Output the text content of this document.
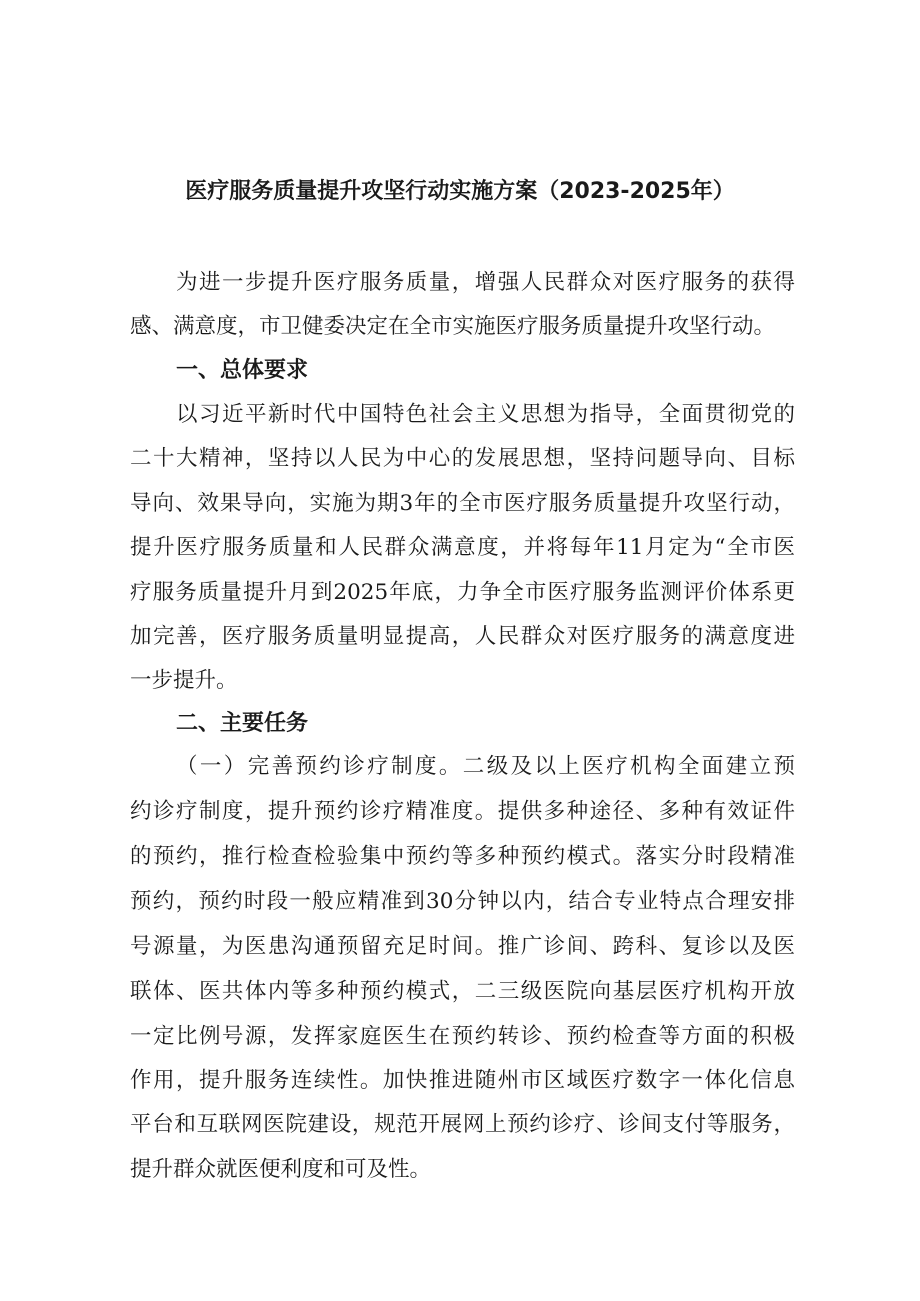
医疗服务质量提升攻坚行动实施方案（2023-2025年）

为进一步提升医疗服务质量，增强人民群众对医疗服务的获得

感、满意度，市卫健委决定在全市实施医疗服务质量提升攻坚行动。

一、总体要求

以习近平新时代中国特色社会主义思想为指导，全面贯彻党的

二十大精神，坚持以人民为中心的发展思想，坚持问题导向、目标

导向、效果导向，实施为期3年的全市医疗服务质量提升攻坚行动，

提升医疗服务质量和人民群众满意度，并将每年11月定为“全市医

疗服务质量提升月到2025年底，力争全市医疗服务监测评价体系更

加完善，医疗服务质量明显提高，人民群众对医疗服务的满意度进

一步提升。

二、主要任务

（一）完善预约诊疗制度。二级及以上医疗机构全面建立预

约诊疗制度，提升预约诊疗精准度。提供多种途径、多种有效证件

的预约，推行检查检验集中预约等多种预约模式。落实分时段精准

预约，预约时段一般应精准到30分钟以内，结合专业特点合理安排

号源量，为医患沟通预留充足时间。推广诊间、跨科、复诊以及医

联体、医共体内等多种预约模式，二三级医院向基层医疗机构开放

一定比例号源，发挥家庭医生在预约转诊、预约检查等方面的积极

作用，提升服务连续性。加快推进随州市区域医疗数字一体化信息

平台和互联网医院建设，规范开展网上预约诊疗、诊间支付等服务，

提升群众就医便利度和可及性。
